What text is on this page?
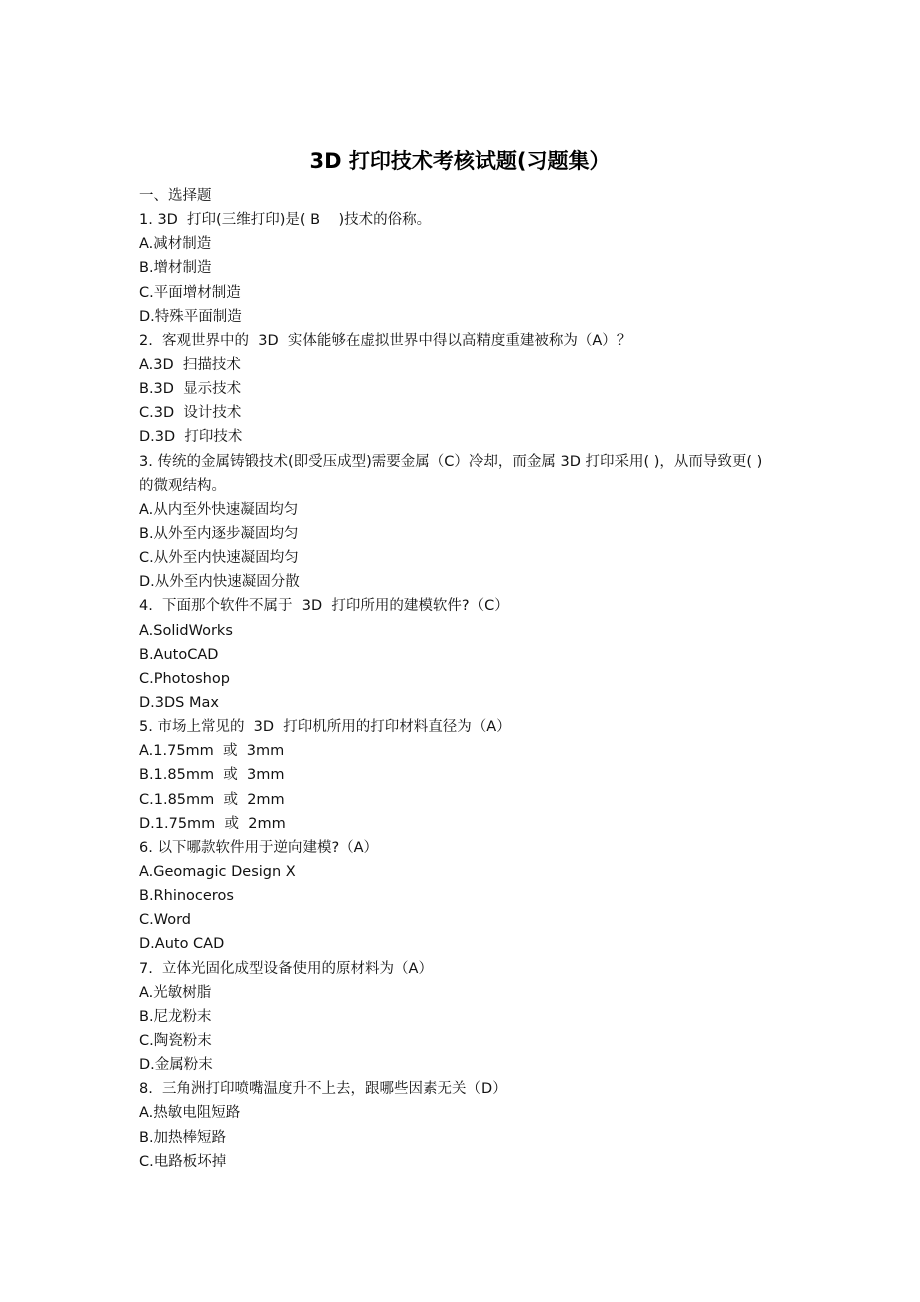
3D 打印技术考核试题(习题集）
一、选择题
1. 3D  打印(三维打印)是( B    )技术的俗称。
A.减材制造
B.增材制造
C.平面增材制造
D.特殊平面制造
2.  客观世界中的  3D  实体能够在虚拟世界中得以高精度重建被称为（A）？
A.3D  扫描技术
B.3D  显示技术
C.3D  设计技术
D.3D  打印技术
3. 传统的金属铸锻技术(即受压成型)需要金属（C）冷却，而金属 3D 打印采用( )，从而导致更( )的微观结构。
A.从内至外快速凝固均匀
B.从外至内逐步凝固均匀
C.从外至内快速凝固均匀
D.从外至内快速凝固分散
4.  下面那个软件不属于  3D  打印所用的建模软件?（C）
A.SolidWorks
B.AutoCAD
C.Photoshop
D.3DS Max
5. 市场上常见的  3D  打印机所用的打印材料直径为（A）
A.1.75mm  或  3mm
B.1.85mm  或  3mm
C.1.85mm  或  2mm
D.1.75mm  或  2mm
6. 以下哪款软件用于逆向建模?（A）
A.Geomagic Design X
B.Rhinoceros
C.Word
D.Auto CAD
7.  立体光固化成型设备使用的原材料为（A）
A.光敏树脂
B.尼龙粉末
C.陶瓷粉末
D.金属粉末
8.  三角洲打印喷嘴温度升不上去，跟哪些因素无关（D）
A.热敏电阻短路
B.加热棒短路
C.电路板坏掉
